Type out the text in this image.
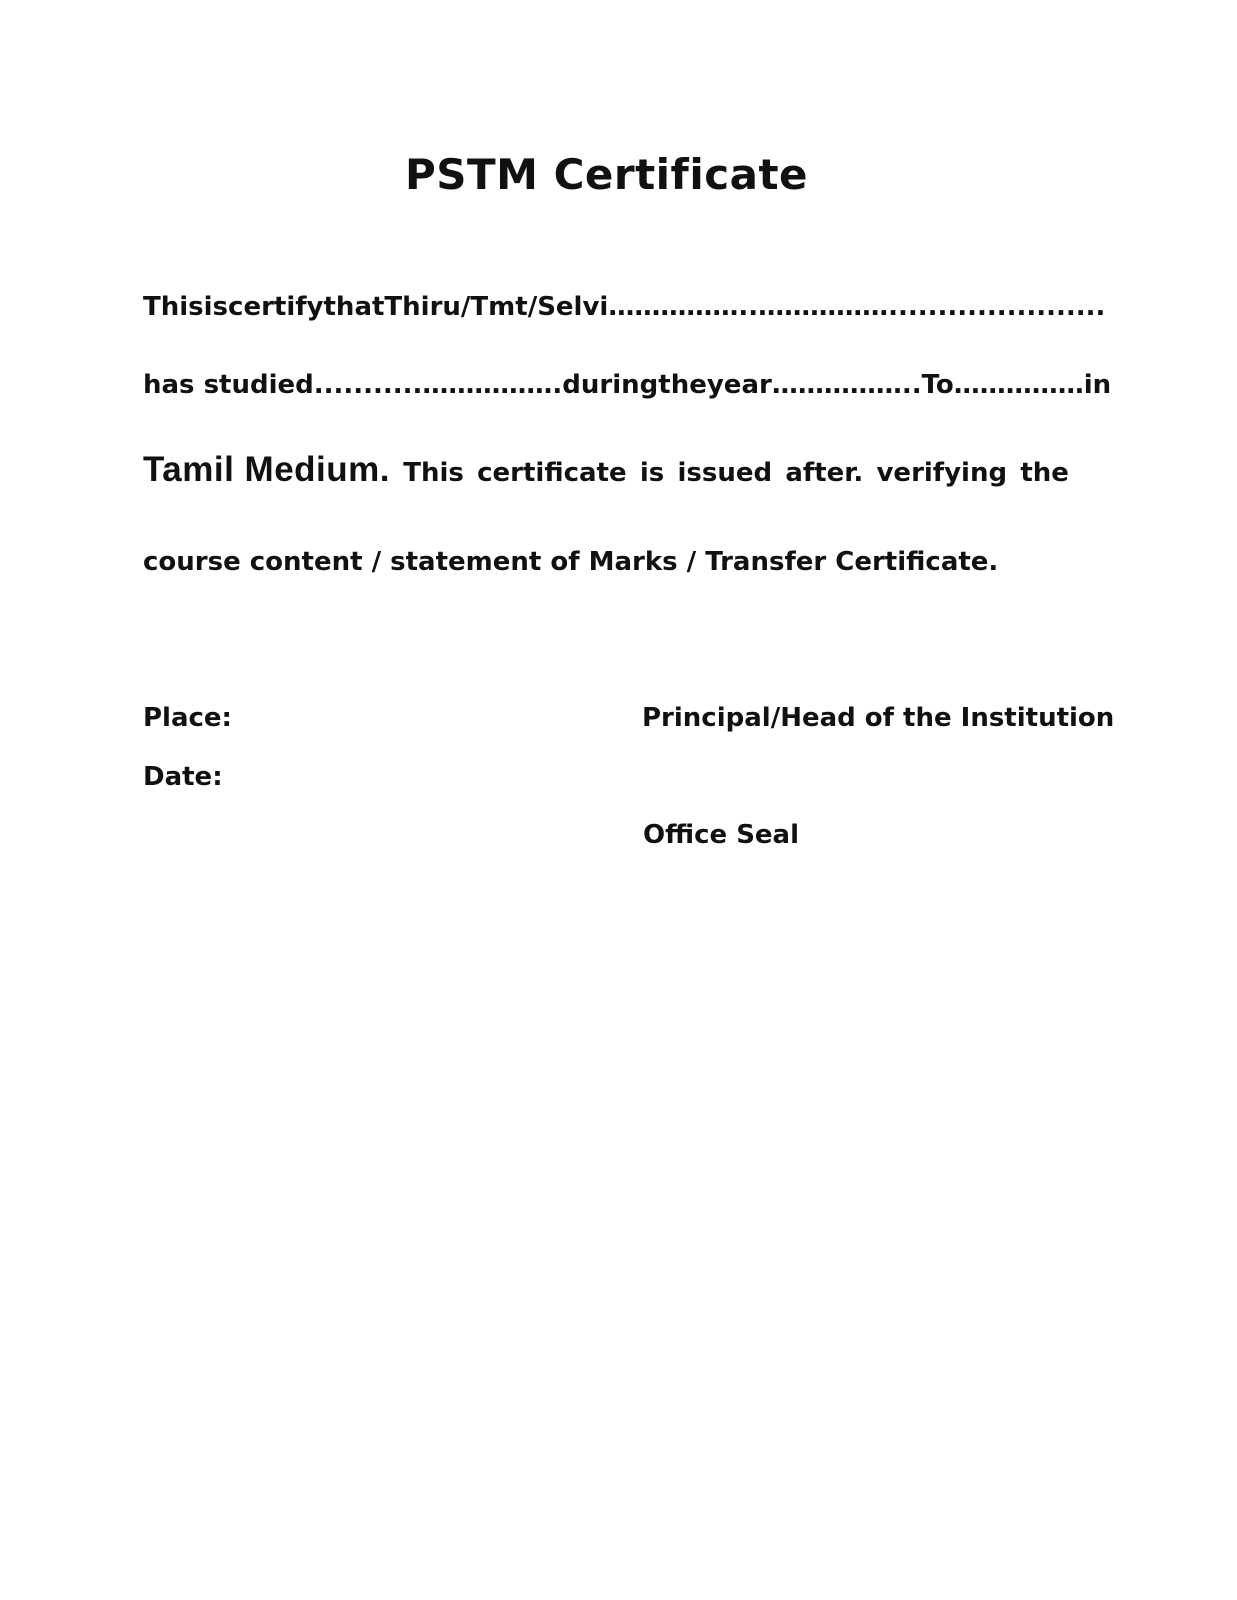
PSTM Certificate
This is certify that Thiru / Tmt / Selvi……………..……………......................
has studied ...........……………. during the year ……………. . To …………… in
Tamil Medium. This certificate is issued after. verifying the
course content / statement of Marks / Transfer Certificate.
Place:
Date:
Principal/Head of the Institution
Office Seal
